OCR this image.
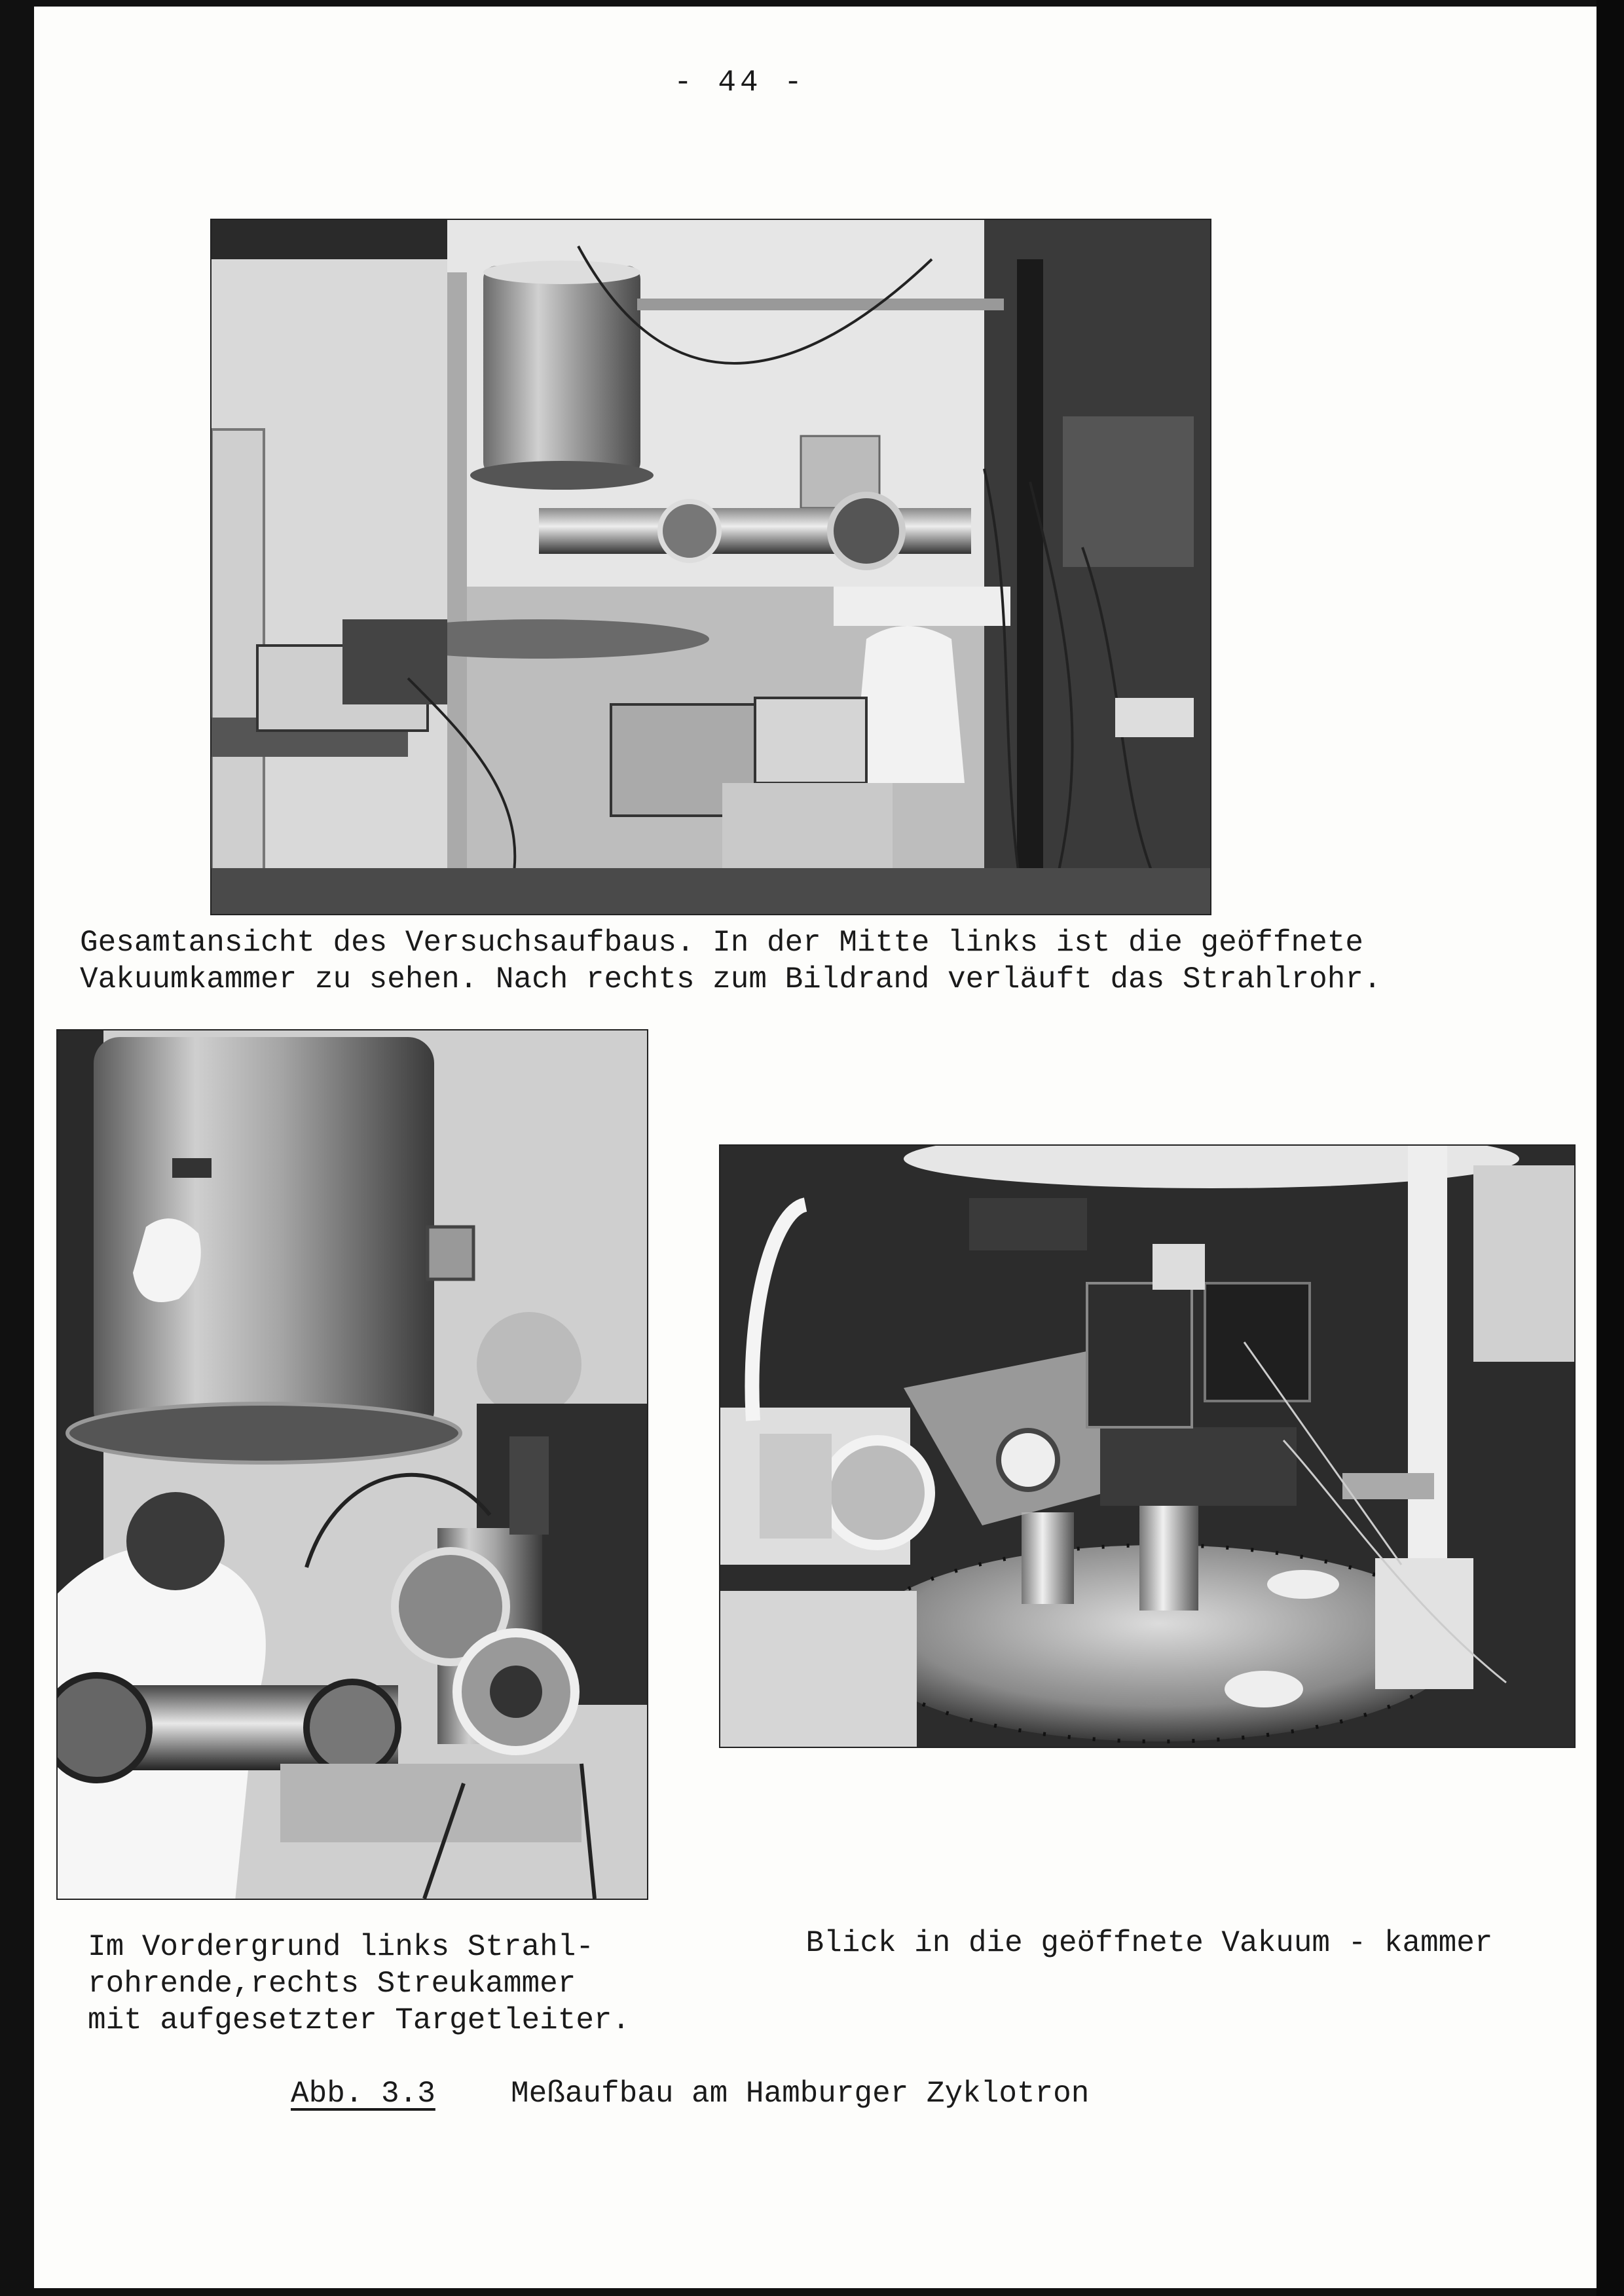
- 44 -
Gesamtansicht des Versuchsaufbaus. In der Mitte links ist die geöffnete
Vakuumkammer zu sehen. Nach rechts zum Bildrand verläuft das Strahlrohr.
Im Vordergrund links Strahl-
rohrende,rechts Streukammer
mit aufgesetzter Targetleiter.
Blick in die geöffnete Vakuum - kammer
Abb. 3.3	Meßaufbau am Hamburger Zyklotron
